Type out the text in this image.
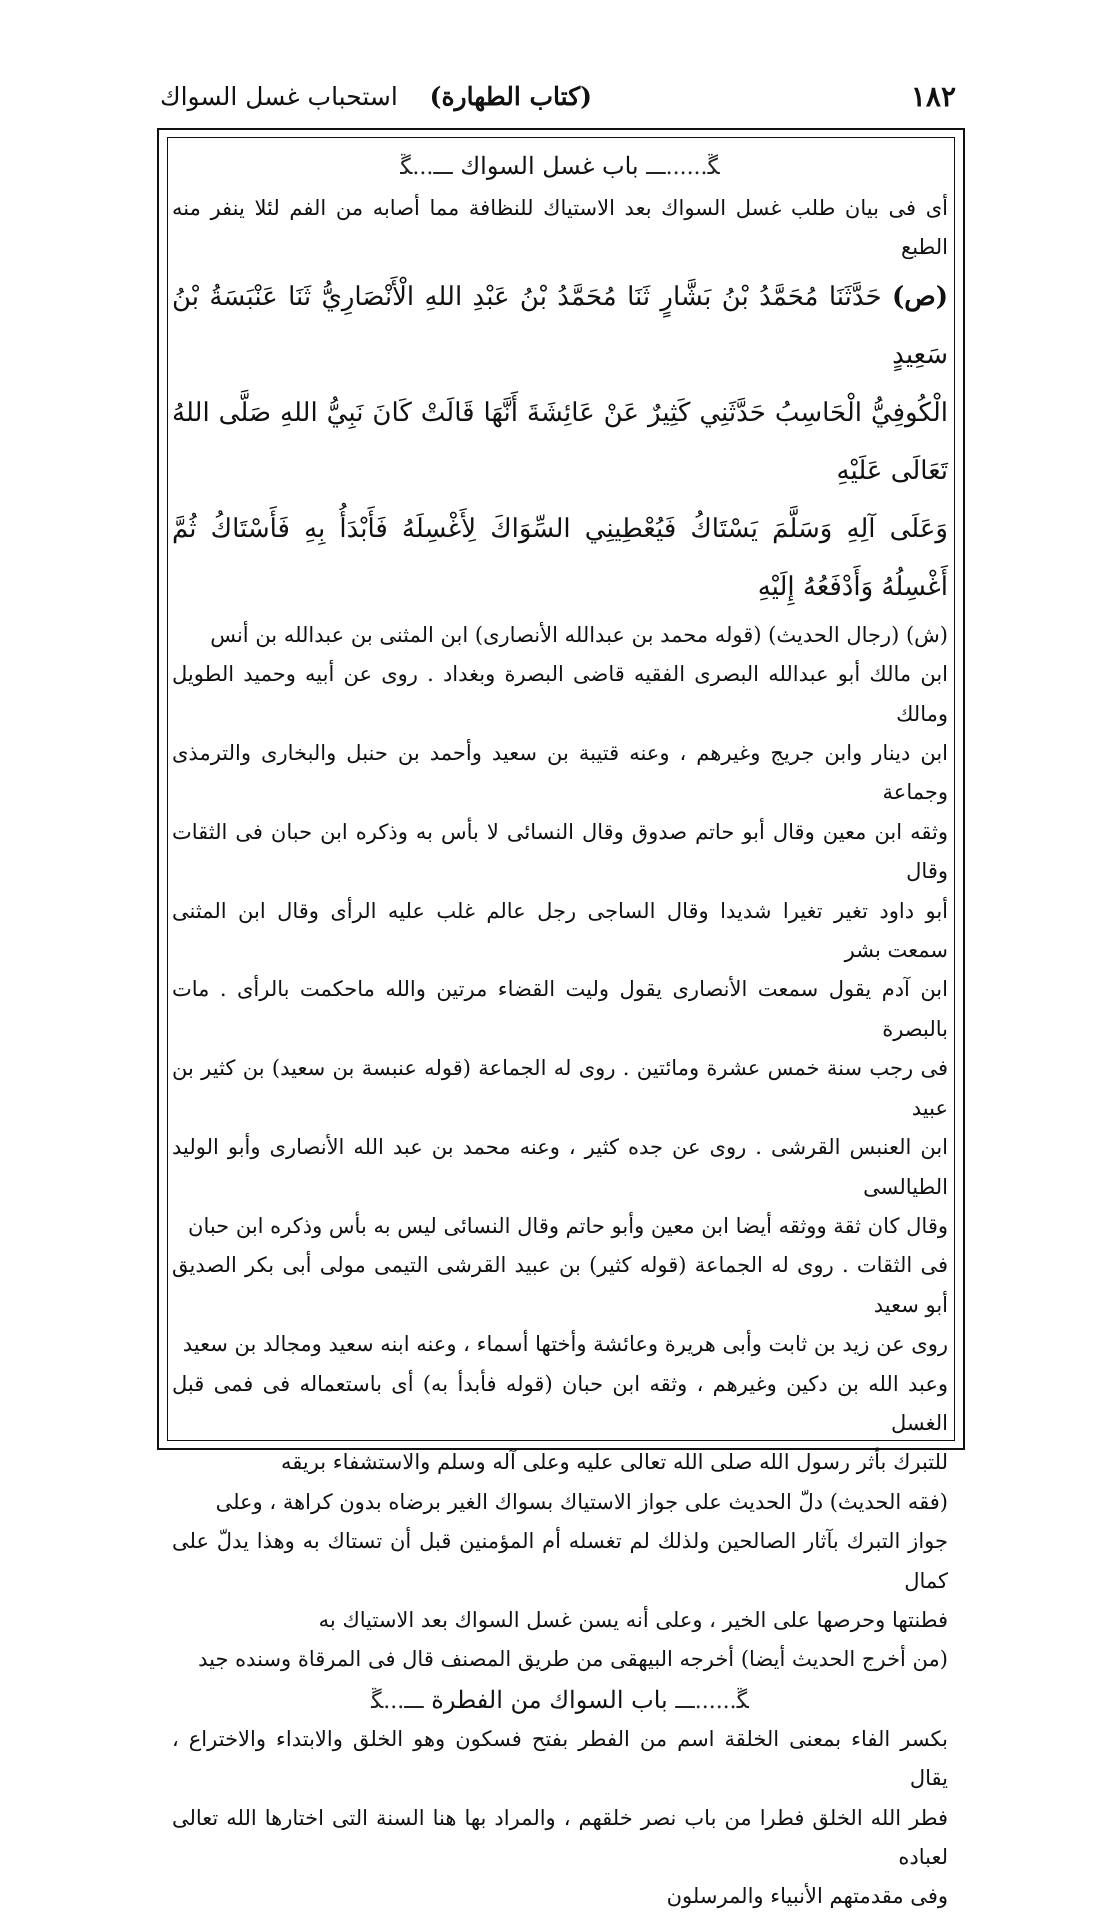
١٨٢
(كتاب الطهارة)    استحباب غسل السواك
ﮝ......ـــ باب غسل السواك ـــ...ﮝ

أى فى بيان طلب غسل السواك بعد الاستياك للنظافة مما أصابه من الفم لئلا ينفر منه الطبع

(ص) حَدَّثَنَا مُحَمَّدُ بْنُ بَشَّارٍ ثَنَا مُحَمَّدُ بْنُ عَبْدِ اللهِ الْأَنْصَارِيُّ ثَنَا عَنْبَسَةُ بْنُ سَعِيدٍ

الْكُوفِيُّ الْحَاسِبُ حَدَّثَنِي كَثِيرٌ عَنْ عَائِشَةَ أَنَّهَا قَالَتْ كَانَ نَبِيُّ اللهِ صَلَّى اللهُ تَعَالَى عَلَيْهِ

وَعَلَى آلِهِ وَسَلَّمَ يَسْتَاكُ فَيُعْطِينِي السِّوَاكَ لِأَغْسِلَهُ فَأَبْدَأُ بِهِ فَأَسْتَاكُ ثُمَّ أَغْسِلُهُ وَأَدْفَعُهُ إِلَيْهِ

(ش) (رجال الحديث) (قوله محمد بن عبدالله الأنصارى) ابن المثنى بن عبدالله بن أنس

ابن مالك أبو عبدالله البصرى الفقيه قاضى البصرة وبغداد . روى عن أبيه وحميد الطويل ومالك

ابن دينار وابن جريج وغيرهم ، وعنه قتيبة بن سعيد وأحمد بن حنبل والبخارى والترمذى وجماعة

وثقه ابن معين وقال أبو حاتم صدوق وقال النسائى لا بأس به وذكره ابن حبان فى الثقات وقال

أبو داود تغير تغيرا شديدا وقال الساجى رجل عالم غلب عليه الرأى وقال ابن المثنى سمعت بشر

ابن آدم يقول سمعت الأنصارى يقول وليت القضاء مرتين والله ماحكمت بالرأى . مات بالبصرة

فى رجب سنة خمس عشرة ومائتين . روى له الجماعة (قوله عنبسة بن سعيد) بن كثير بن عبيد

ابن العنبس القرشى . روى عن جده كثير ، وعنه محمد بن عبد الله الأنصارى وأبو الوليد الطيالسى

وقال كان ثقة ووثقه أيضا ابن معين وأبو حاتم وقال النسائى ليس به بأس وذكره ابن حبان

فى الثقات . روى له الجماعة (قوله كثير) بن عبيد القرشى التيمى مولى أبى بكر الصديق أبو سعيد

روى عن زيد بن ثابت وأبى هريرة وعائشة وأختها أسماء ، وعنه ابنه سعيد ومجالد بن سعيد

وعبد الله بن دكين وغيرهم ، وثقه ابن حبان (قوله فأبدأ به) أى باستعماله فى فمى قبل الغسل

للتبرك بأثر رسول الله صلى الله تعالى عليه وعلى آله وسلم والاستشفاء بريقه

(فقه الحديث) دلّ الحديث على جواز الاستياك بسواك الغير برضاه بدون كراهة ، وعلى

جواز التبرك بآثار الصالحين ولذلك لم تغسله أم المؤمنين قبل أن تستاك به وهذا يدلّ على كمال

فطنتها وحرصها على الخير ، وعلى أنه يسن غسل السواك بعد الاستياك به

(من أخرج الحديث أيضا) أخرجه البيهقى من طريق المصنف قال فى المرقاة وسنده جيد

ﮝ......ـــ باب السواك من الفطرة ـــ...ﮝ

بكسر الفاء بمعنى الخلقة اسم من الفطر بفتح فسكون وهو الخلق والابتداء والاختراع ، يقال

فطر الله الخلق فطرا من باب نصر خلقهم ، والمراد بها هنا السنة التى اختارها الله تعالى لعباده

وفى مقدمتهم الأنبياء والمرسلون
